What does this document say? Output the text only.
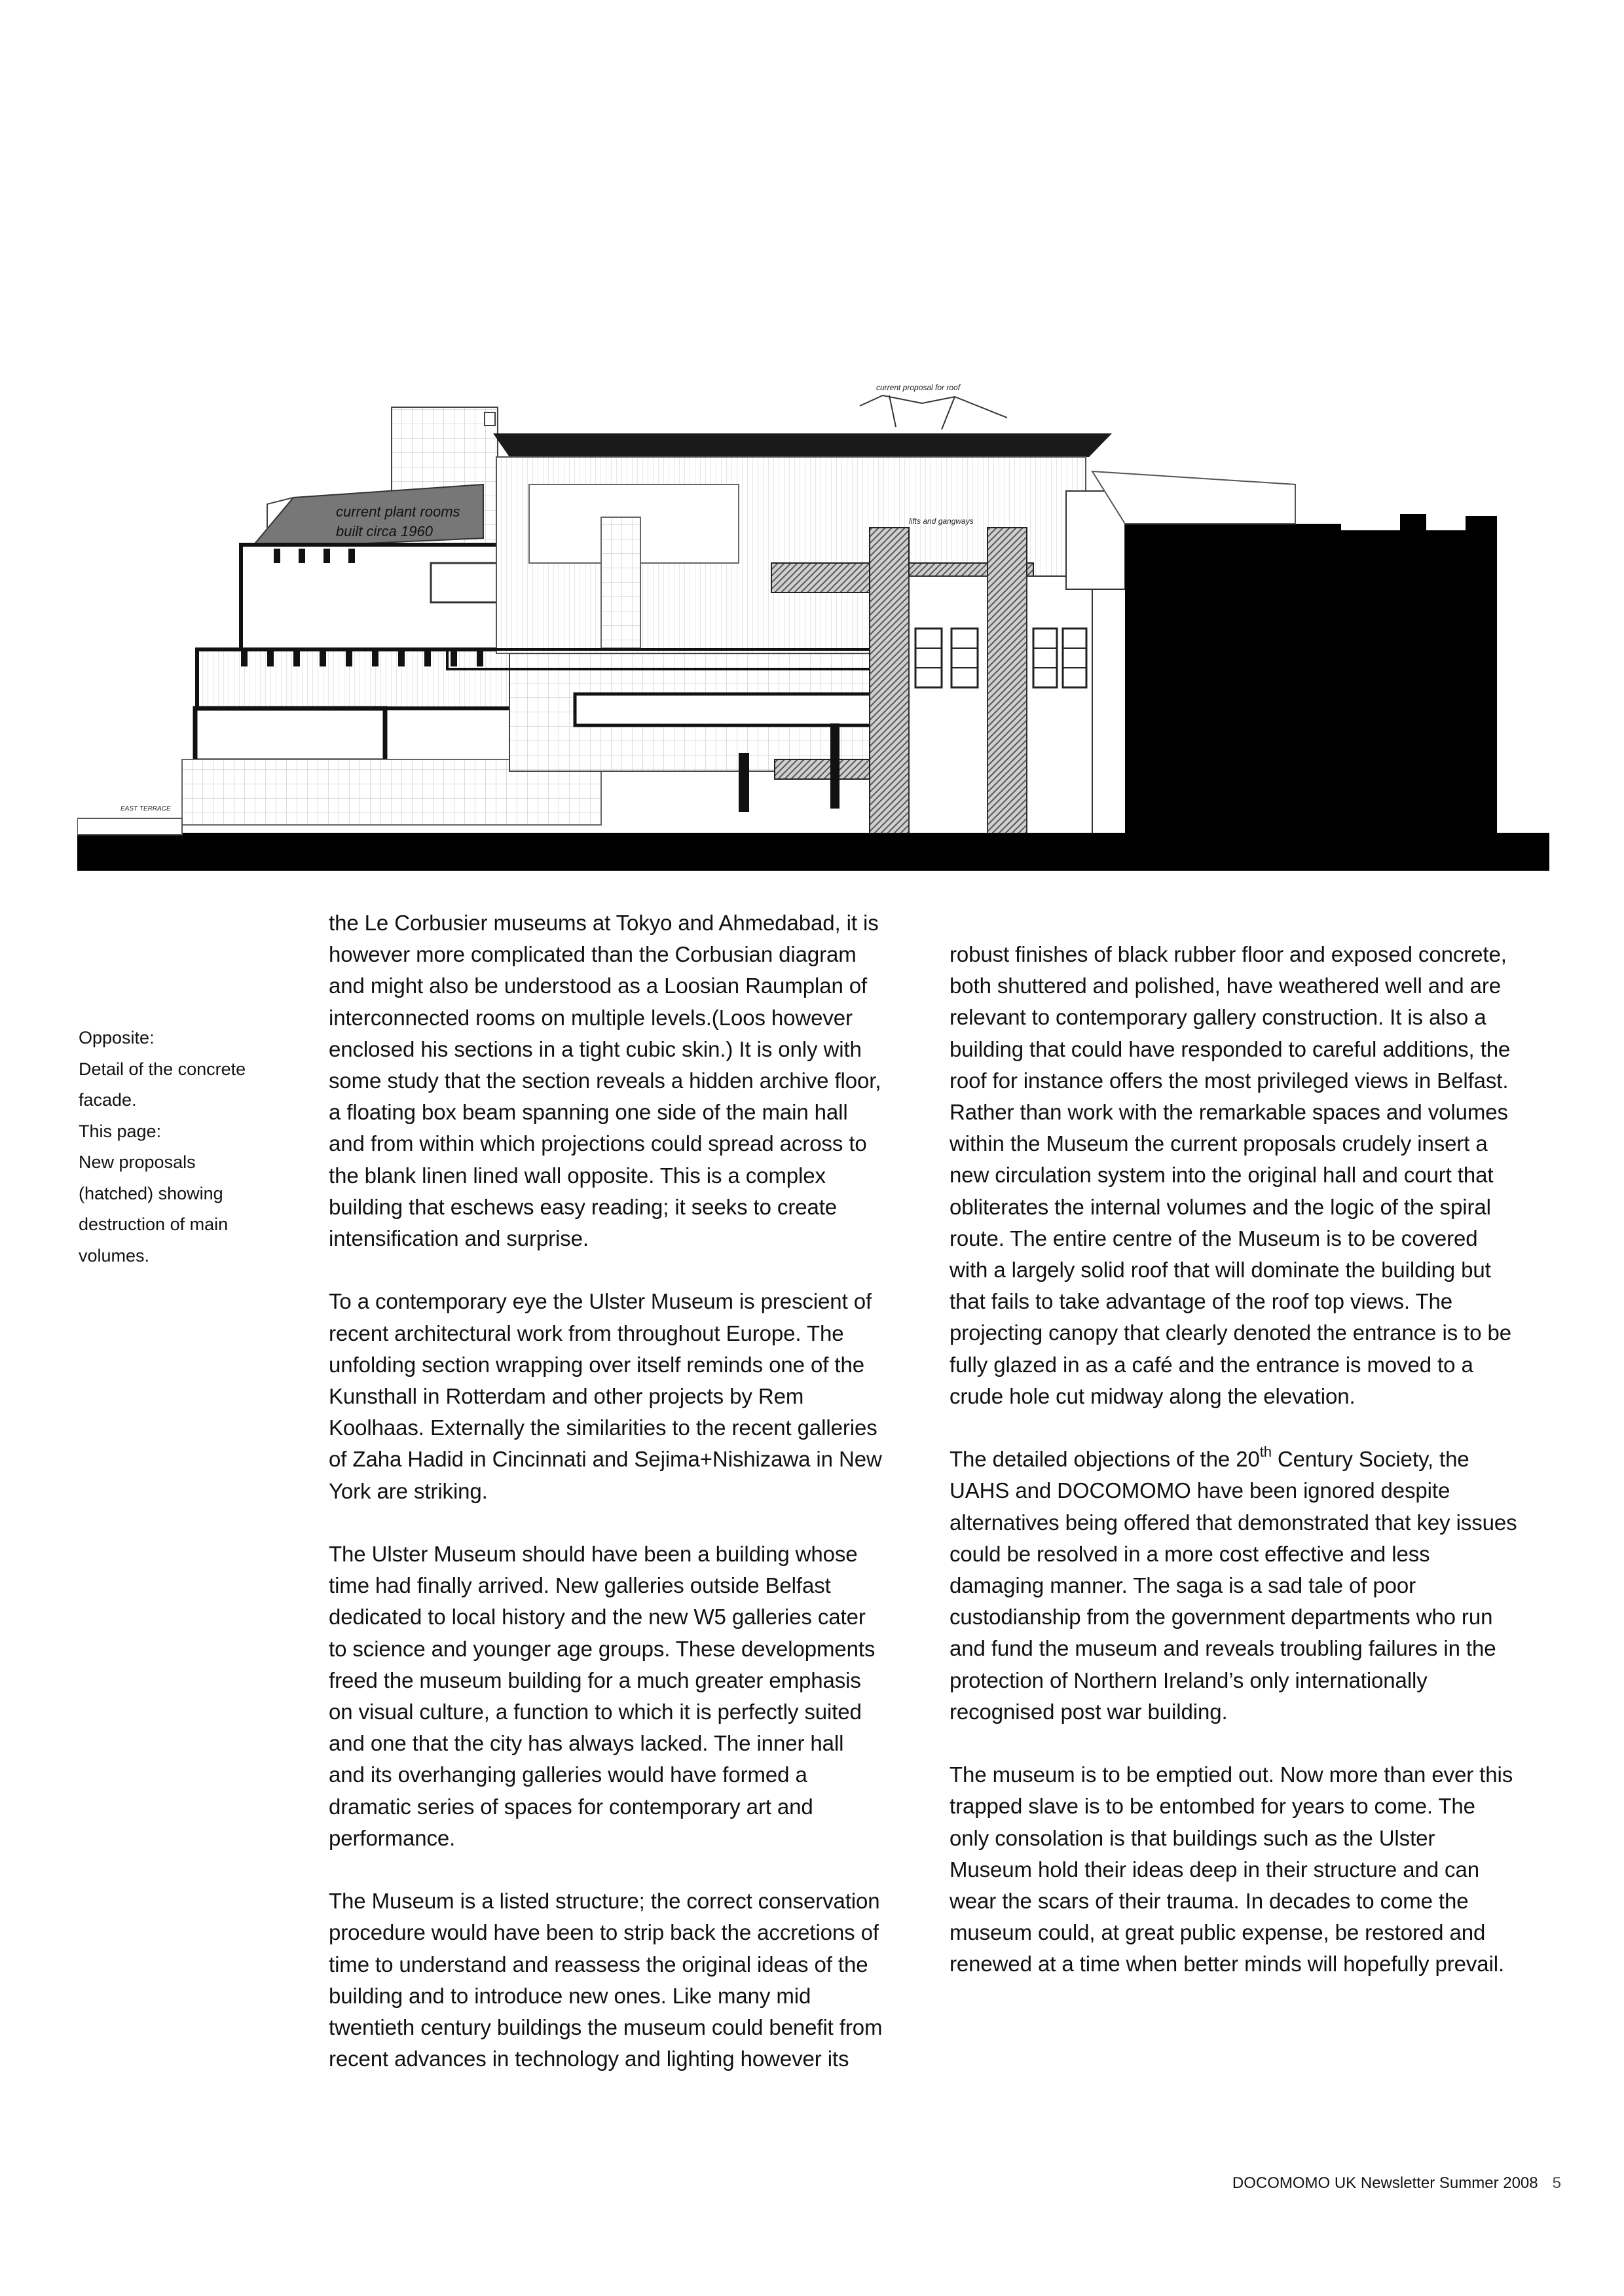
current proposal for roof
current plant rooms
built circa 1960
lifts and gangways
EAST TERRACE
Opposite:
Detail of the concrete
facade.
This page:
New proposals
(hatched) showing
destruction of main
volumes.

the Le Corbusier museums at Tokyo and Ahmedabad, it is
however more complicated than the Corbusian diagram
and might also be understood as a Loosian Raumplan of
interconnected rooms on multiple levels.(Loos however
enclosed his sections in a tight cubic skin.) It is only with
some study that the section reveals a hidden archive floor,
a floating box beam spanning one side of the main hall
and from within which projections could spread across to
the blank linen lined wall opposite. This is a complex
building that eschews easy reading; it seeks to create
intensification and surprise.

To a contemporary eye the Ulster Museum is prescient of
recent architectural work from throughout Europe. The
unfolding section wrapping over itself reminds one of the
Kunsthall in Rotterdam and other projects by Rem
Koolhaas. Externally the similarities to the recent galleries
of Zaha Hadid in Cincinnati and Sejima+Nishizawa in New
York are striking.

The Ulster Museum should have been a building whose
time had finally arrived. New galleries outside Belfast
dedicated to local history and the new W5 galleries cater
to science and younger age groups. These developments
freed the museum building for a much greater emphasis
on visual culture, a function to which it is perfectly suited
and one that the city has always lacked. The inner hall
and its overhanging galleries would have formed a
dramatic series of spaces for contemporary art and
performance.

The Museum is a listed structure; the correct conservation
procedure would have been to strip back the accretions of
time to understand and reassess the original ideas of the
building and to introduce new ones. Like many mid
twentieth century buildings the museum could benefit from
recent advances in technology and lighting however its

robust finishes of black rubber floor and exposed concrete,
both shuttered and polished, have weathered well and are
relevant to contemporary gallery construction. It is also a
building that could have responded to careful additions, the
roof for instance offers the most privileged views in Belfast.
Rather than work with the remarkable spaces and volumes
within the Museum the current proposals crudely insert a
new circulation system into the original hall and court that
obliterates the internal volumes and the logic of the spiral
route. The entire centre of the Museum is to be covered
with a largely solid roof that will dominate the building but
that fails to take advantage of the roof top views. The
projecting canopy that clearly denoted the entrance is to be
fully glazed in as a café and the entrance is moved to a
crude hole cut midway along the elevation.

The detailed objections of the 20th Century Society, the
UAHS and DOCOMOMO have been ignored despite
alternatives being offered that demonstrated that key issues
could be resolved in a more cost effective and less
damaging manner. The saga is a sad tale of poor
custodianship from the government departments who run
and fund the museum and reveals troubling failures in the
protection of Northern Ireland’s only internationally
recognised post war building.

The museum is to be emptied out. Now more than ever this
trapped slave is to be entombed for years to come. The
only consolation is that buildings such as the Ulster
Museum hold their ideas deep in their structure and can
wear the scars of their trauma. In decades to come the
museum could, at great public expense, be restored and
renewed at a time when better minds will hopefully prevail.

DOCOMOMO UK Newsletter Summer 2008 5
